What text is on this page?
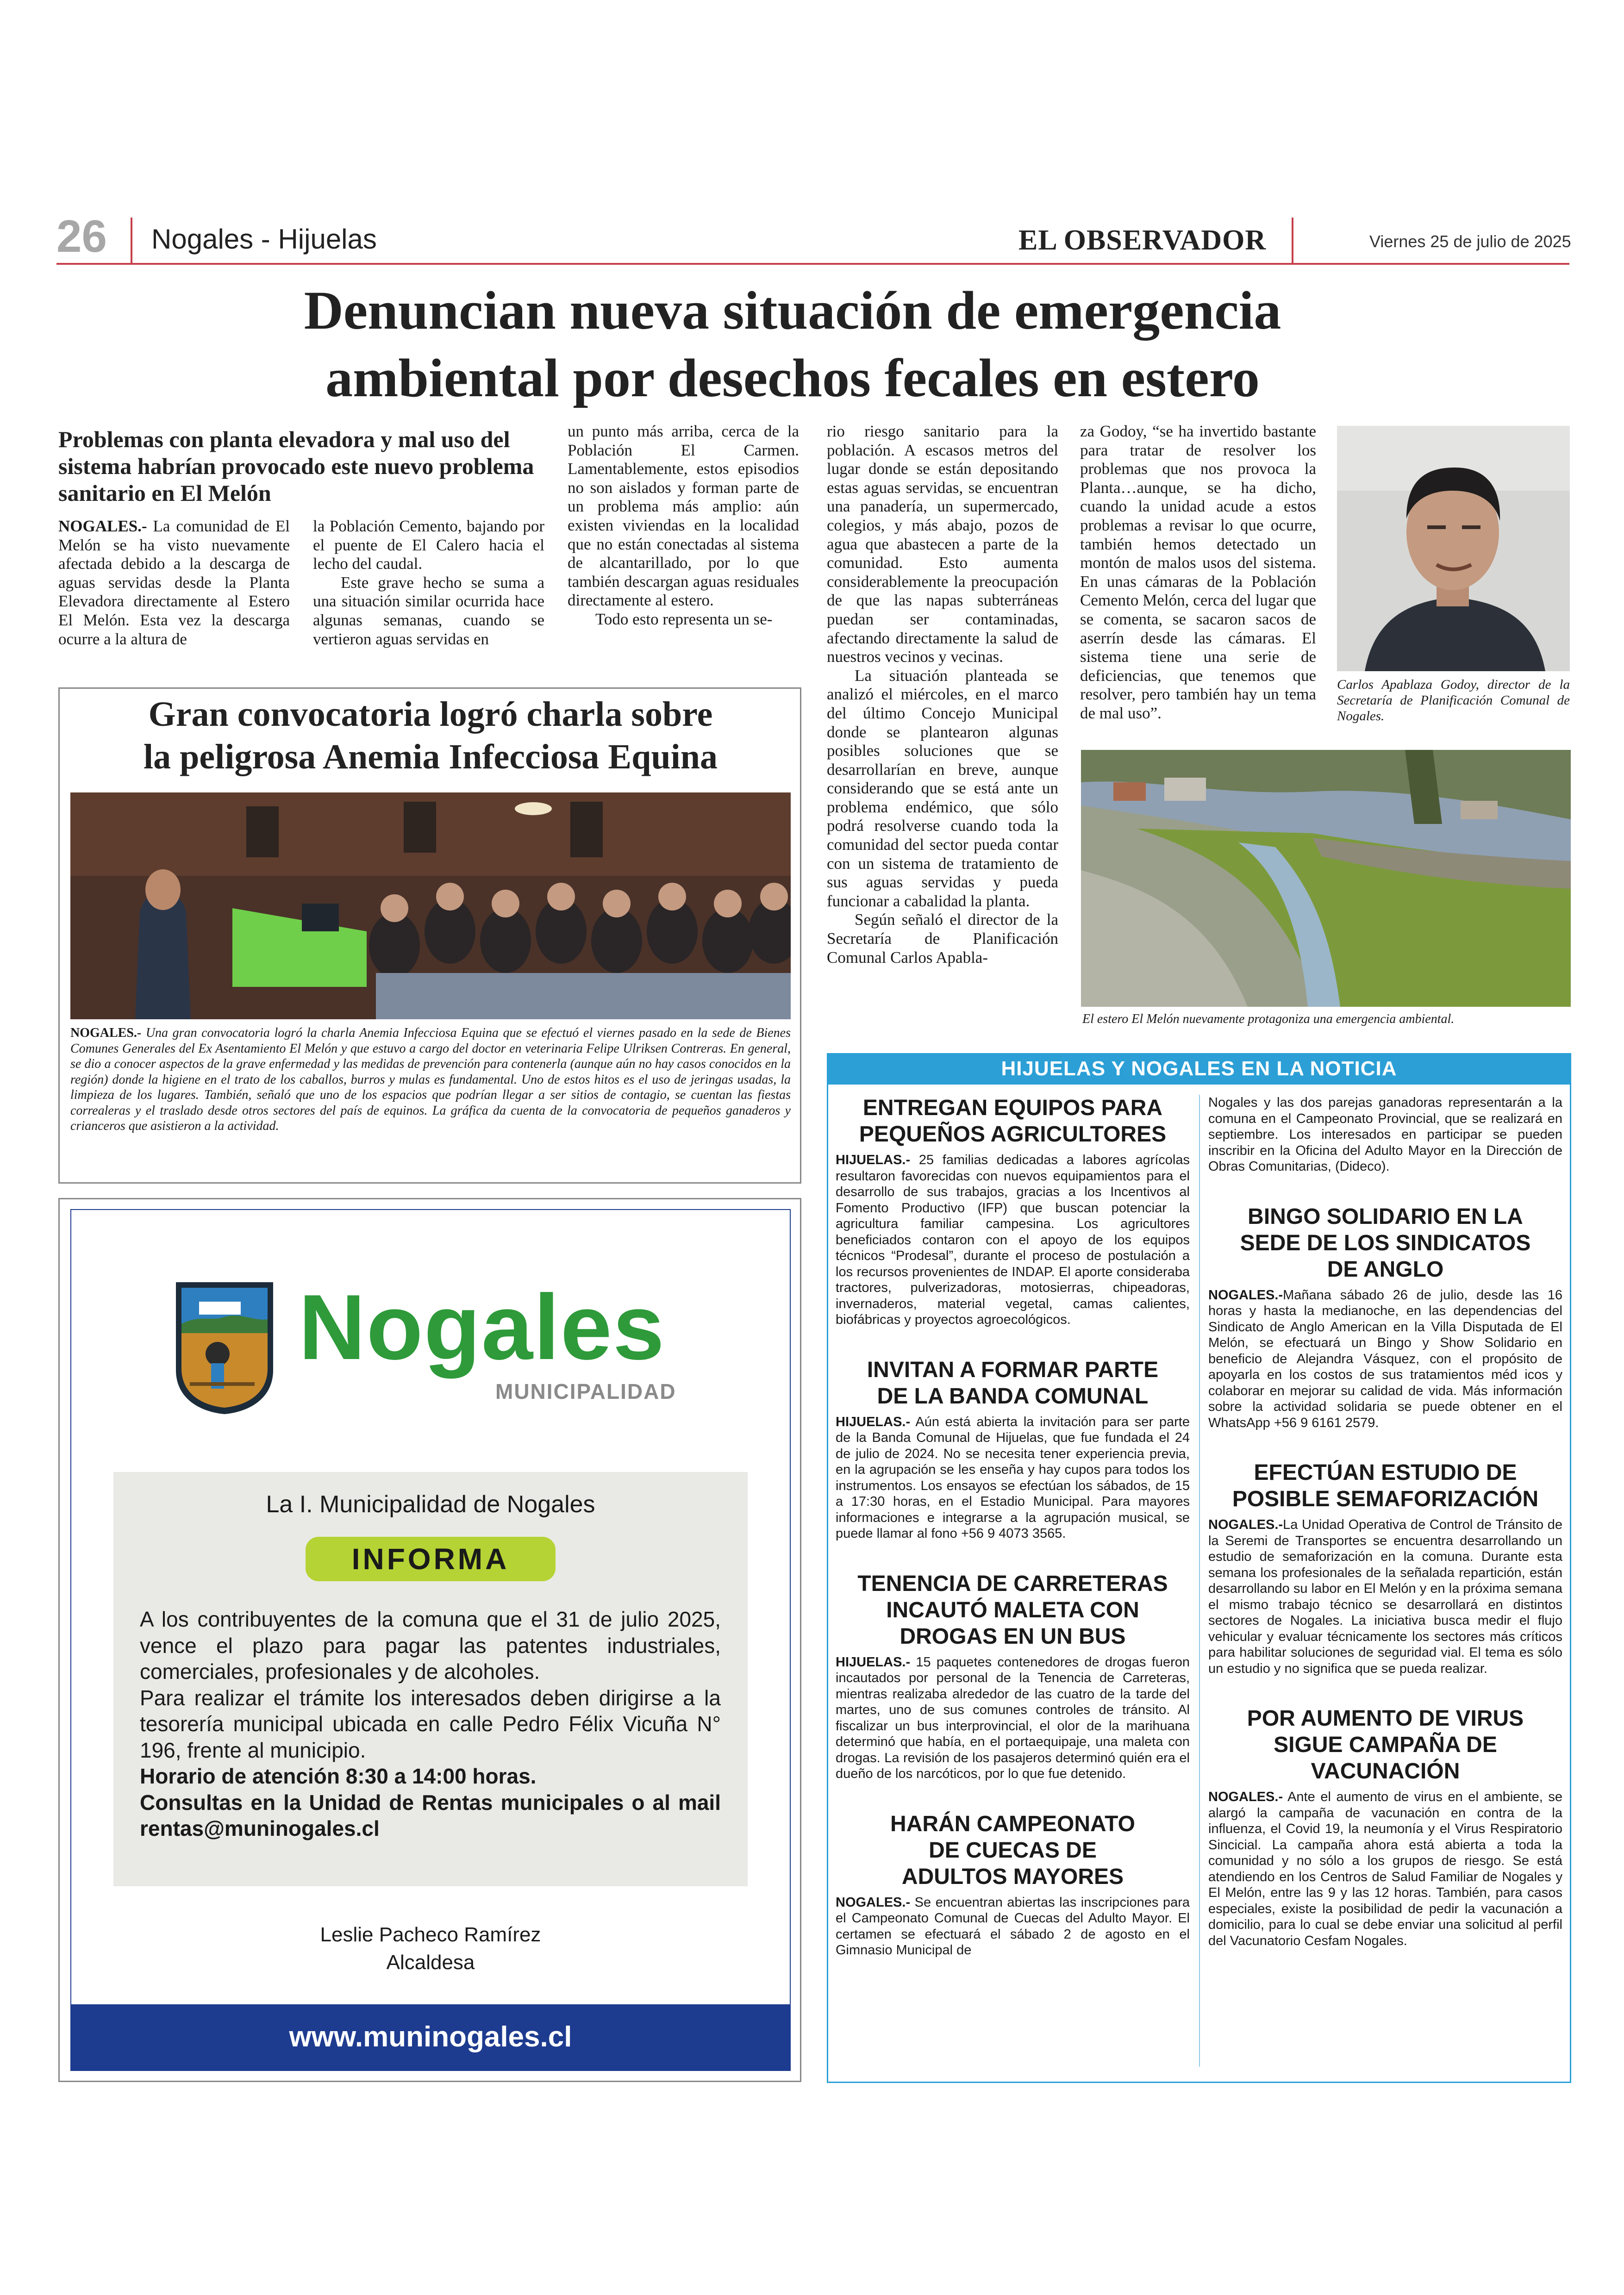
26 Nogales - Hijuelas	EL OBSERVADOR	Viernes 25 de julio de 2025
Denuncian nueva situación de emergencia
ambiental por desechos fecales en estero
Problemas con planta elevadora y mal uso del sistema habrían provocado este nuevo problema sanitario en El Melón

NOGALES.- La comunidad de El Melón se ha visto nuevamente afectada debido a la descarga de aguas servidas desde la Planta Elevadora directamente al Estero El Melón. Esta vez la descarga ocurre a la altura de

la Población Cemento, bajando por el puente de El Calero hacia el lecho del caudal.

Este grave hecho se suma a una situación similar ocurrida hace algunas semanas, cuando se vertieron aguas servidas en

un punto más arriba, cerca de la Población El Carmen. Lamentablemente, estos episodios no son aislados y forman parte de un problema más amplio: aún existen viviendas en la localidad que no están conectadas al sistema de alcantarillado, por lo que también descargan aguas residuales directamente al estero.

Todo esto representa un se-

rio riesgo sanitario para la población. A escasos metros del lugar donde se están depositando estas aguas servidas, se encuentran una panadería, un supermercado, colegios, y más abajo, pozos de agua que abastecen a parte de la comunidad. Esto aumenta considerablemente la preocupación de que las napas subterráneas puedan ser contaminadas, afectando directamente la salud de nuestros vecinos y vecinas.

La situación planteada se analizó el miércoles, en el marco del último Concejo Municipal donde se plantearon algunas posibles soluciones que se desarrollarían en breve, aunque considerando que se está ante un problema endémico, que sólo podrá resolverse cuando toda la comunidad del sector pueda contar con un sistema de tratamiento de sus aguas servidas y pueda funcionar a cabalidad la planta.

Según señaló el director de la Secretaría de Planificación Comunal Carlos Apabla-

za Godoy, “se ha invertido bastante para tratar de resolver los problemas que nos provoca la Planta…aunque, se ha dicho, cuando la unidad acude a estos problemas a revisar lo que ocurre, también hemos detectado un montón de malos usos del sistema. En unas cámaras de la Población Cemento Melón, cerca del lugar que se comenta, se sacaron sacos de aserrín desde las cámaras. El sistema tiene una serie de deficiencias, que tenemos que resolver, pero también hay un tema de mal uso”.

Carlos Apablaza Godoy, director de la Secretaría de Planificación Comunal de Nogales.
El estero El Melón nuevamente protagoniza una emergencia ambiental.
Gran convocatoria logró charla sobre
la peligrosa Anemia Infecciosa Equina
NOGALES.- Una gran convocatoria logró la charla Anemia Infecciosa Equina que se efectuó el viernes pasado en la sede de Bienes Comunes Generales del Ex Asentamiento El Melón y que estuvo a cargo del doctor en veterinaria Felipe Ulriksen Contreras. En general, se dio a conocer aspectos de la grave enfermedad y las medidas de prevención para contenerla (aunque aún no hay casos conocidos en la región) donde la higiene en el trato de los caballos, burros y mulas es fundamental. Uno de estos hitos es el uso de jeringas usadas, la limpieza de los lugares. También, señaló que uno de los espacios que podrían llegar a ser sitios de contagio, se cuentan las fiestas correaleras y el traslado desde otros sectores del país de equinos. La gráfica da cuenta de la convocatoria de pequeños ganaderos y crianceros que asistieron a la actividad.
Nogales
MUNICIPALIDAD
La I. Municipalidad de Nogales
INFORMA
A los contribuyentes de la comuna que el 31 de julio 2025, vence el plazo para pagar las patentes industriales, comerciales, profesionales y de alcoholes.
Para realizar el trámite los interesados deben dirigirse a la tesorería municipal ubicada en calle Pedro Félix Vicuña N° 196, frente al municipio.
Horario de atención 8:30 a 14:00 horas.
Consultas en la Unidad de Rentas municipales o al mail rentas@muninogales.cl
Leslie Pacheco Ramírez
Alcaldesa
www.muninogales.cl
HIJUELAS Y NOGALES EN LA NOTICIA
ENTREGAN EQUIPOS PARA PEQUEÑOS AGRICULTORES
HIJUELAS.- 25 familias dedicadas a labores agrícolas resultaron favorecidas con nuevos equipamientos para el desarrollo de sus trabajos, gracias a los Incentivos al Fomento Productivo (IFP) que buscan potenciar la agricultura familiar campesina. Los agricultores beneficiados contaron con el apoyo de los equipos técnicos “Prodesal”, durante el proceso de postulación a los recursos provenientes de INDAP. El aporte consideraba tractores, pulverizadoras, motosierras, chipeadoras, invernaderos, material vegetal, camas calientes, biofábricas y proyectos agroecológicos.
INVITAN A FORMAR PARTE DE LA BANDA COMUNAL
HIJUELAS.- Aún está abierta la invitación para ser parte de la Banda Comunal de Hijuelas, que fue fundada el 24 de julio de 2024. No se necesita tener experiencia previa, en la agrupación se les enseña y hay cupos para todos los instrumentos. Los ensayos se efectúan los sábados, de 15 a 17:30 horas, en el Estadio Municipal. Para mayores informaciones e integrarse a la agrupación musical, se puede llamar al fono +56 9 4073 3565.
TENENCIA DE CARRETERAS INCAUTÓ MALETA CON DROGAS EN UN BUS
HIJUELAS.- 15 paquetes contenedores de drogas fueron incautados por personal de la Tenencia de Carreteras, mientras realizaba alrededor de las cuatro de la tarde del martes, uno de sus comunes controles de tránsito. Al fiscalizar un bus interprovincial, el olor de la marihuana determinó que había, en el portaequipaje, una maleta con drogas. La revisión de los pasajeros determinó quién era el dueño de los narcóticos, por lo que fue detenido.
HARÁN CAMPEONATO DE CUECAS DE ADULTOS MAYORES
NOGALES.- Se encuentran abiertas las inscripciones para el Campeonato Comunal de Cuecas del Adulto Mayor. El certamen se efectuará el sábado 2 de agosto en el Gimnasio Municipal de
Nogales y las dos parejas ganadoras representarán a la comuna en el Campeonato Provincial, que se realizará en septiembre. Los interesados en participar se pueden inscribir en la Oficina del Adulto Mayor en la Dirección de Obras Comunitarias, (Dideco).
BINGO SOLIDARIO EN LA SEDE DE LOS SINDICATOS DE ANGLO
NOGALES.-Mañana sábado 26 de julio, desde las 16 horas y hasta la medianoche, en las dependencias del Sindicato de Anglo American en la Villa Disputada de El Melón, se efectuará un Bingo y Show Solidario en beneficio de Alejandra Vásquez, con el propósito de apoyarla en los costos de sus tratamientos méd icos y colaborar en mejorar su calidad de vida. Más información sobre la actividad solidaria se puede obtener en el WhatsApp +56 9 6161 2579.
EFECTÚAN ESTUDIO DE POSIBLE SEMAFORIZACIÓN
NOGALES.-La Unidad Operativa de Control de Tránsito de la Seremi de Transportes se encuentra desarrollando un estudio de semaforización en la comuna. Durante esta semana los profesionales de la señalada repartición, están desarrollando su labor en El Melón y en la próxima semana el mismo trabajo técnico se desarrollará en distintos sectores de Nogales. La iniciativa busca medir el flujo vehicular y evaluar técnicamente los sectores más críticos para habilitar soluciones de seguridad vial. El tema es sólo un estudio y no significa que se pueda realizar.
POR AUMENTO DE VIRUS SIGUE CAMPAÑA DE VACUNACIÓN
NOGALES.- Ante el aumento de virus en el ambiente, se alargó la campaña de vacunación en contra de la influenza, el Covid 19, la neumonía y el Virus Respiratorio Sincicial. La campaña ahora está abierta a toda la comunidad y no sólo a los grupos de riesgo. Se está atendiendo en los Centros de Salud Familiar de Nogales y El Melón, entre las 9 y las 12 horas. También, para casos especiales, existe la posibilidad de pedir la vacunación a domicilio, para lo cual se debe enviar una solicitud al perfil del Vacunatorio Cesfam Nogales.
